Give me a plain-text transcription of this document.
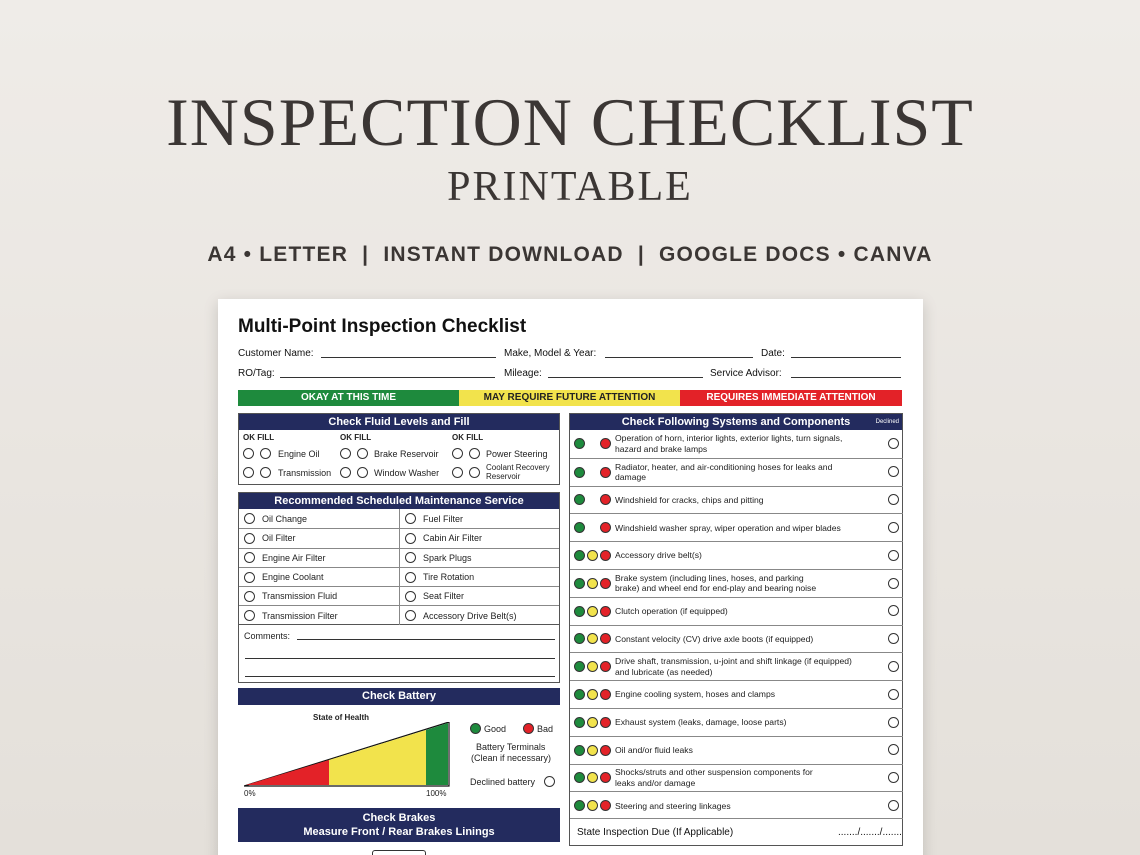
INSPECTION CHECKLIST
PRINTABLE
A4 • LETTER  |  INSTANT DOWNLOAD  |  GOOGLE DOCS • CANVA
Multi-Point Inspection Checklist
Customer Name:	Make, Model & Year:	Date:
RO/Tag:	Mileage:	Service Advisor:
OKAY AT THIS TIME	MAY REQUIRE FUTURE ATTENTION	REQUIRES IMMEDIATE ATTENTION
Check Fluid Levels and Fill
OK FILL	OK FILL	OK FILL
Engine Oil	Brake Reservoir	Power Steering
Transmission	Window Washer
Coolant Recovery
Reservoir
Recommended Scheduled Maintenance Service
Oil Change	Fuel Filter
Oil Filter	Cabin Air Filter
Engine Air Filter	Spark Plugs
Engine Coolant	Tire Rotation
Transmission Fluid	Seat Filter
Transmission Filter	Accessory Drive Belt(s)
Comments:
Check Battery
State of Health
0%	100%
Good	Bad
Battery Terminals
(Clean if necessary)
Declined battery
Check Brakes
Measure Front / Rear Brakes Linings
Check Following Systems and Components	Declined
Operation of horn, interior lights, exterior lights, turn signals,
hazard and brake lamps
Radiator, heater, and air-conditioning hoses for leaks and
damage
Windshield for cracks, chips and pitting
Windshield washer spray, wiper operation and wiper blades
Accessory drive belt(s)
Brake system (including lines, hoses, and parking
brake) and wheel end for end-play and bearing noise
Clutch operation (if equipped)
Constant velocity (CV) drive axle boots (if equipped)
Drive shaft, transmission, u-joint and shift linkage (if equipped)
and lubricate (as needed)
Engine cooling system, hoses and clamps
Exhaust system (leaks, damage, loose parts)
Oil and/or fluid leaks
Shocks/struts and other suspension components for
leaks and/or damage
Steering and steering linkages
State Inspection Due (If Applicable)	......./......./.......
